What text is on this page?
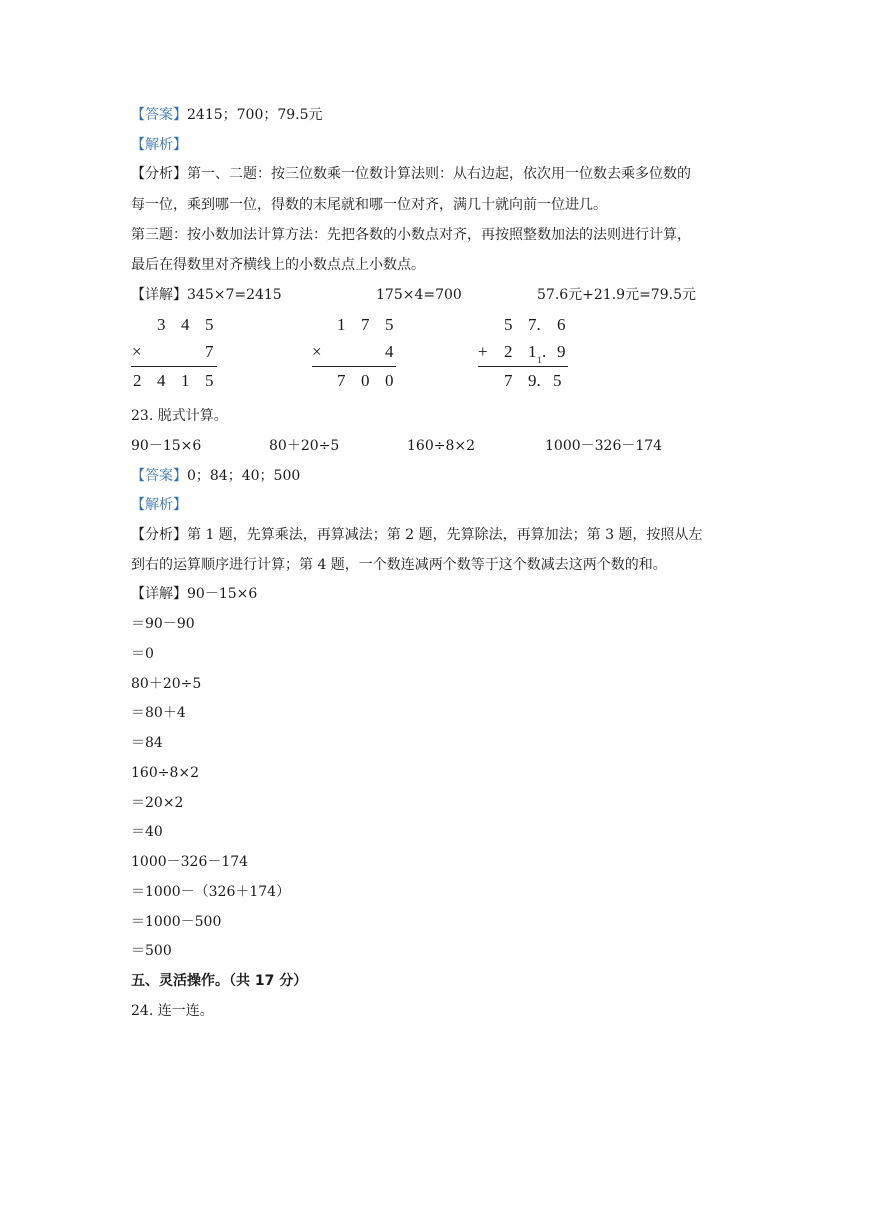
【答案】2415；700；79.5元
【解析】
【分析】第一、二题：按三位数乘一位数计算法则：从右边起，依次用一位数去乘多位数的
每一位，乘到哪一位，得数的末尾就和哪一位对齐，满几十就向前一位进几。
第三题：按小数加法计算方法：先把各数的小数点对齐，再按照整数加法的法则进行计算，
最后在得数里对齐横线上的小数点点上小数点。
【详解】345×7=2415	175×4=700	57.6元+21.9元=79.5元
3 4 5
×	7
2 4 1 5
1 7 5
×	4
7 0 0
5 7. 6
+ 2 1 1 . 9
7 9. 5
23. 脱式计算。
90－15×6	80＋20÷5	160÷8×2	1000－326－174
【答案】0；84；40；500
【解析】
【分析】第 1 题，先算乘法，再算减法；第 2 题，先算除法，再算加法；第 3 题，按照从左
到右的运算顺序进行计算；第 4 题，一个数连减两个数等于这个数减去这两个数的和。
【详解】90－15×6
＝90－90
＝0
80＋20÷5
＝80＋4
＝84
160÷8×2
＝20×2
＝40
1000－326－174
＝1000－（326＋174）
＝1000－500
＝500
五、灵活操作。（共 17 分）
24. 连一连。
